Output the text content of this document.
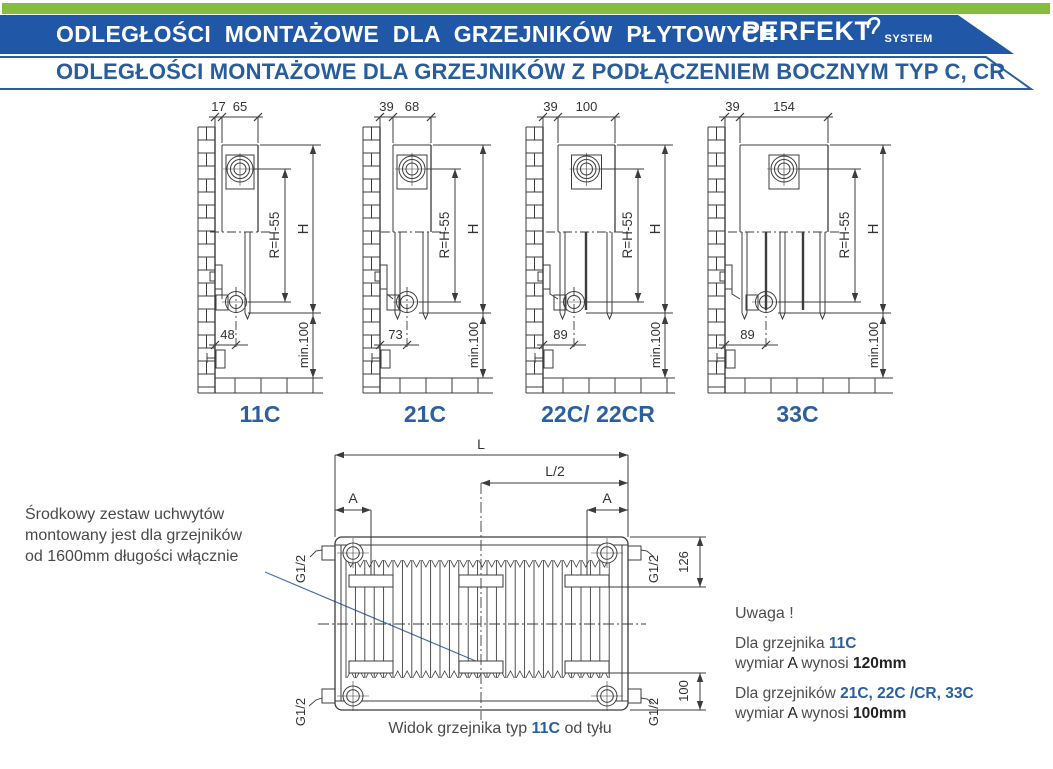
ODLEGŁOŚCI MONTAŻOWE DLA GRZEJNIKÓW PŁYTOWYCH
PERFEKT SYSTEM
ODLEGŁOŚCI MONTAŻOWE DLA GRZEJNIKÓW Z PODŁĄCZENIEM BOCZNYM TYP C, CR
17 65
H
R=H-55
min.100
48
11C
39 68
H
R=H-55
min.100
73
21C
39 100
H
R=H-55
min.100
89
22C/ 22CR
39	154
H
R=H-55
min.100
89
33C
L
L/2
A	A
126
100
G1/2
G1/2
G1/2
G1/2
Środkowy zestaw uchwytów
montowany jest dla grzejników
od 1600mm długości włącznie
Widok grzejnika typ 11C od tyłu
Uwaga !
Dla grzejnika 11C
wymiar A wynosi 120mm
Dla grzejników 21C, 22C /CR, 33C
wymiar A wynosi 100mm
